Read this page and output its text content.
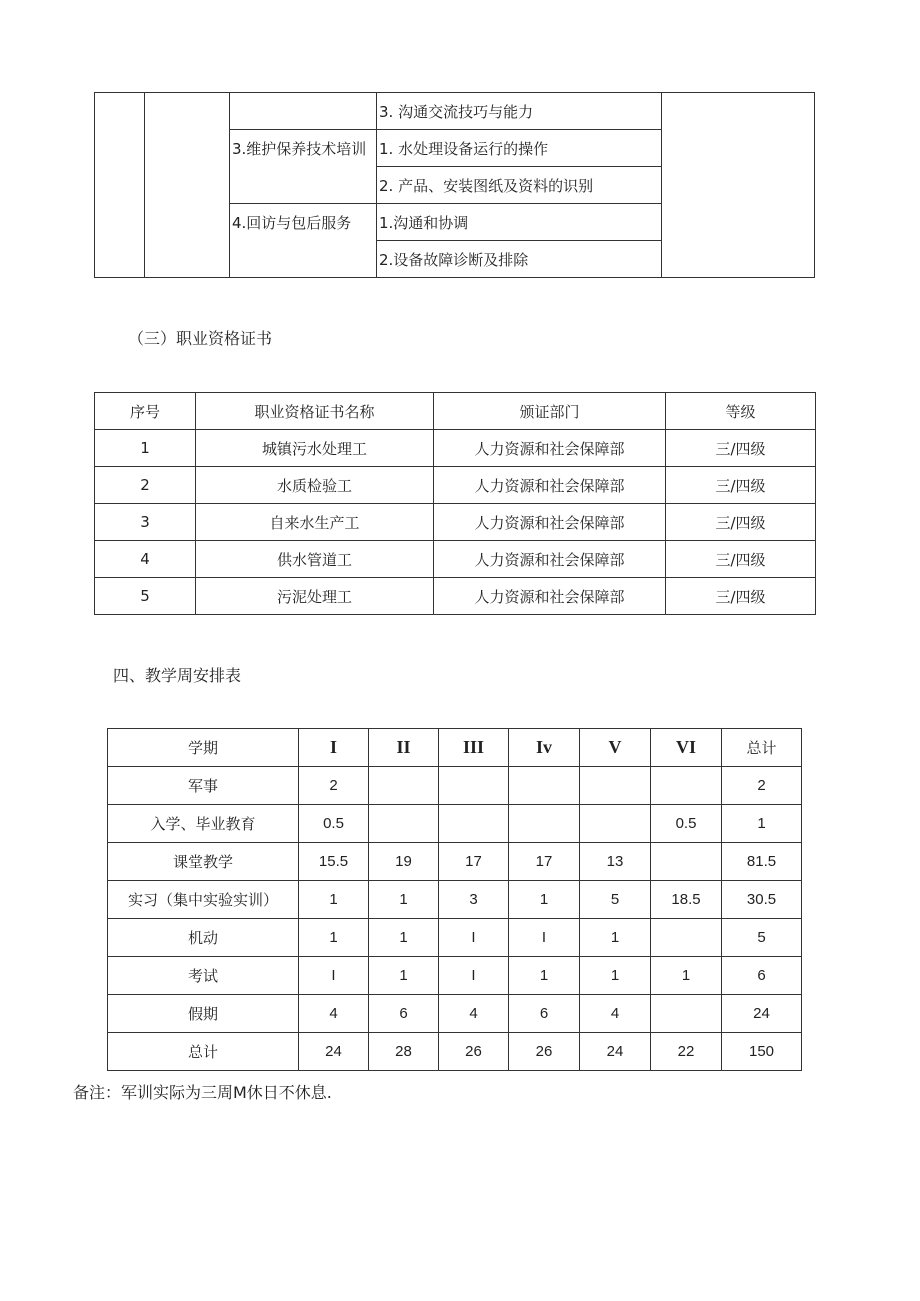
			3. 沟通交流技巧与能力	
		3.维护保养技术培训	1. 水处理设备运行的操作	
			2. 产品、安装图纸及资料的识别	
		4.回访与包后服务	1.沟通和协调	
			2.设备故障诊断及排除	

（三）职业资格证书

序号	职业资格证书名称	颁证部门	等级
1	城镇污水处理工	人力资源和社会保障部	三/四级
2	水质检验工	人力资源和社会保障部	三/四级
3	自来水生产工	人力资源和社会保障部	三/四级
4	供水管道工	人力资源和社会保障部	三/四级
5	污泥处理工	人力资源和社会保障部	三/四级

四、教学周安排表

学期	I	II	III	Iv	V	VI	总计
军事	2						2
入学、毕业教育	0.5					0.5	1
课堂教学	15.5	19	17	17	13		81.5
实习（集中实验实训）	1	1	3	1	5	18.5	30.5
机动	1	1	I	I	1		5
考试	I	1	I	1	1	1	6
假期	4	6	4	6	4		24
总计	24	28	26	26	24	22	150
备注：军训实际为三周M休日不休息.
